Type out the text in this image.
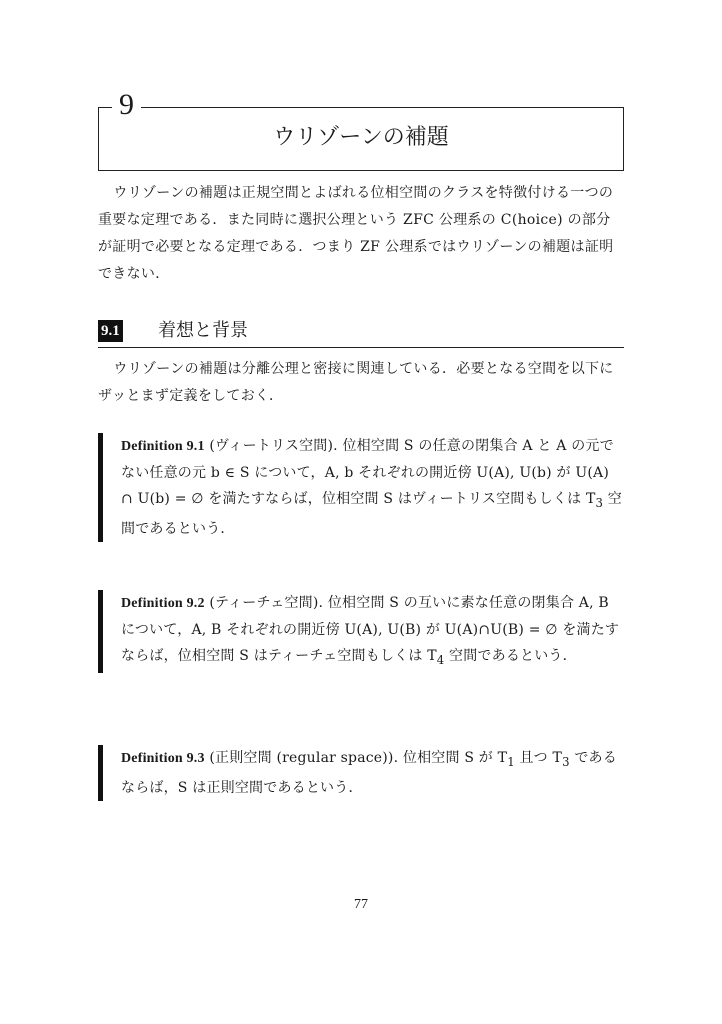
9
ウリゾーンの補題

ウリゾーンの補題は正規空間とよばれる位相空間のクラスを特徴付ける一つの重要な定理である．また同時に選択公理という ZFC 公理系の C(hoice) の部分が証明で必要となる定理である．つまり ZF 公理系ではウリゾーンの補題は証明できない．

9.1 着想と背景

ウリゾーンの補題は分離公理と密接に関連している．必要となる空間を以下にザッとまず定義をしておく．

Definition 9.1 (ヴィートリス空間). 位相空間 S の任意の閉集合 A と A の元でない任意の元 b ∈ S について，A, b それぞれの開近傍 U(A), U(b) が U(A) ∩ U(b) = ∅ を満たすならば，位相空間 S はヴィートリス空間もしくは $T_3$ 空間であるという．

Definition 9.2 (ティーチェ空間). 位相空間 S の互いに素な任意の閉集合 A, B について，A, B それぞれの開近傍 U(A), U(B) が U(A)∩U(B) = ∅ を満たすならば，位相空間 S はティーチェ空間もしくは $T_4$ 空間であるという．

Definition 9.3 (正則空間 (regular space)). 位相空間 S が $T_1$ 且つ $T_3$ であるならば，S は正則空間であるという．

77
